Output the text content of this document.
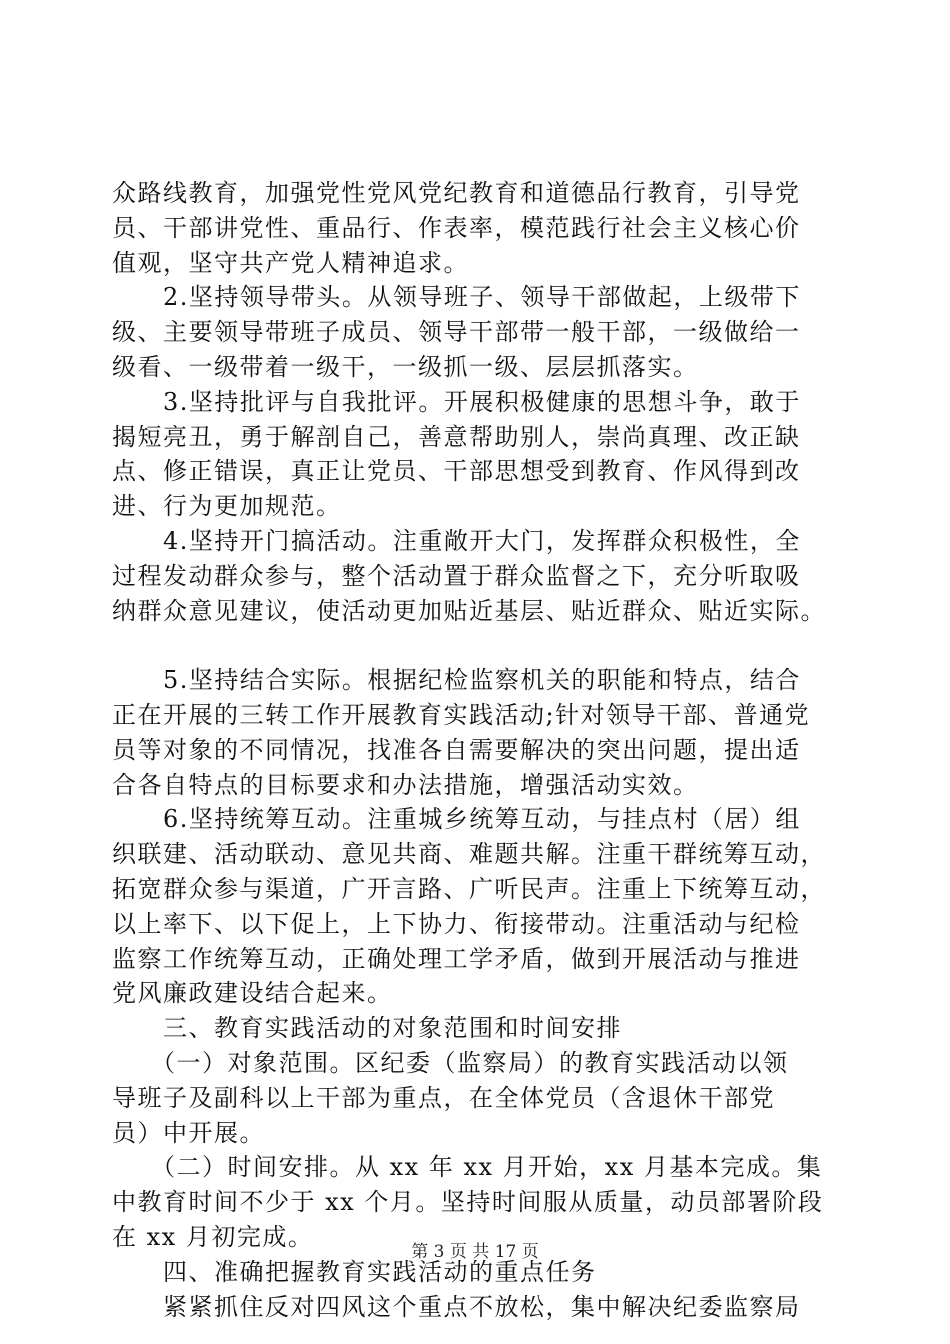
众路线教育，加强党性党风党纪教育和道德品行教育，引导党
员、干部讲党性、重品行、作表率，模范践行社会主义核心价
值观，坚守共产党人精神追求。
　　2.坚持领导带头。从领导班子、领导干部做起，上级带下
级、主要领导带班子成员、领导干部带一般干部，一级做给一
级看、一级带着一级干，一级抓一级、层层抓落实。
　　3.坚持批评与自我批评。开展积极健康的思想斗争，敢于
揭短亮丑，勇于解剖自己，善意帮助别人，崇尚真理、改正缺
点、修正错误，真正让党员、干部思想受到教育、作风得到改
进、行为更加规范。
　　4.坚持开门搞活动。注重敞开大门，发挥群众积极性，全
过程发动群众参与，整个活动置于群众监督之下，充分听取吸
纳群众意见建议，使活动更加贴近基层、贴近群众、贴近实际。
　　5.坚持结合实际。根据纪检监察机关的职能和特点，结合
正在开展的三转工作开展教育实践活动;针对领导干部、普通党
员等对象的不同情况，找准各自需要解决的突出问题，提出适
合各自特点的目标要求和办法措施，增强活动实效。
　　6.坚持统筹互动。注重城乡统筹互动，与挂点村（居）组
织联建、活动联动、意见共商、难题共解。注重干群统筹互动，
拓宽群众参与渠道，广开言路、广听民声。注重上下统筹互动，
以上率下、以下促上，上下协力、衔接带动。注重活动与纪检
监察工作统筹互动，正确处理工学矛盾，做到开展活动与推进
党风廉政建设结合起来。
　　三、教育实践活动的对象范围和时间安排
　　（一）对象范围。区纪委（监察局）的教育实践活动以领
导班子及副科以上干部为重点，在全体党员（含退休干部党
员）中开展。
　　（二）时间安排。从 xx 年 xx 月开始，xx 月基本完成。集
中教育时间不少于 xx 个月。坚持时间服从质量，动员部署阶段
在 xx 月初完成。
　　四、准确把握教育实践活动的重点任务
　　紧紧抓住反对四风这个重点不放松，集中解决纪委监察局
第 3 页 共 17 页
